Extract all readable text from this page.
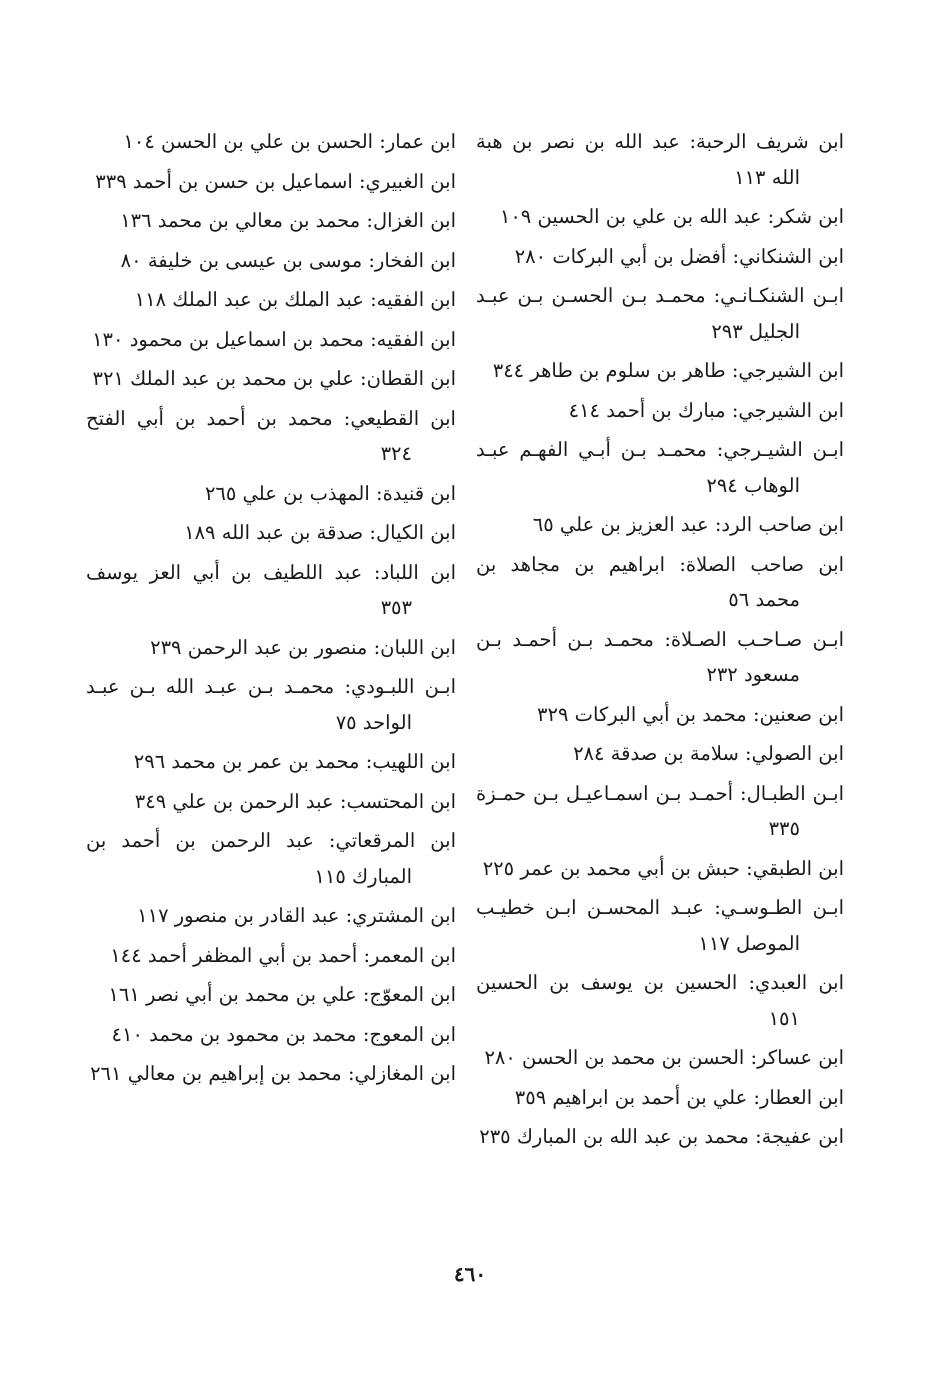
ابن شريف الرحبة: عبد الله بن نصر بن هبة الله ١١٣
ابن شكر: عبد الله بن علي بن الحسين ١٠٩
ابن الشنكاني: أفضل بن أبي البركات ٢٨٠
ابـن الشنكـانـي: محمـد بـن الحسـن بـن عبـد الجليل ٢٩٣
ابن الشيرجي: طاهر بن سلوم بن طاهر ٣٤٤
ابن الشيرجي: مبارك بن أحمد ٤١٤
ابـن الشيـرجي: محمـد بـن أبـي الفهـم عبـد الوهاب ٢٩٤
ابن صاحب الرد: عبد العزيز بن علي ٦٥
ابن صاحب الصلاة: ابراهيم بن مجاهد بن محمد ٥٦
ابـن صـاحـب الصـلاة: محمـد بـن أحمـد بـن مسعود ٢٣٢
ابن صعنين: محمد بن أبي البركات ٣٢٩
ابن الصولي: سلامة بن صدقة ٢٨٤
ابـن الطبـال: أحمـد بـن اسمـاعيـل بـن حمـزة ٣٣٥
ابن الطبقي: حبش بن أبي محمد بن عمر ٢٢٥
ابـن الطـوسـي: عبـد المحسـن ابـن خطيـب الموصل ١١٧
ابن العبدي: الحسين بن يوسف بن الحسين ١٥١
ابن عساكر: الحسن بن محمد بن الحسن ٢٨٠
ابن العطار: علي بن أحمد بن ابراهيم ٣٥٩
ابن عفيجة: محمد بن عبد الله بن المبارك ٢٣٥
ابن عمار: الحسن بن علي بن الحسن ١٠٤
ابن الغبيري: اسماعيل بن حسن بن أحمد ٣٣٩
ابن الغزال: محمد بن معالي بن محمد ١٣٦
ابن الفخار: موسى بن عيسى بن خليفة ٨٠
ابن الفقيه: عبد الملك بن عبد الملك ١١٨
ابن الفقيه: محمد بن اسماعيل بن محمود ١٣٠
ابن القطان: علي بن محمد بن عبد الملك ٣٢١
ابن القطيعي: محمد بن أحمد بن أبي الفتح ٣٢٤
ابن قنيدة: المهذب بن علي ٢٦٥
ابن الكيال: صدقة بن عبد الله ١٨٩
ابن اللباد: عبد اللطيف بن أبي العز يوسف ٣٥٣
ابن اللبان: منصور بن عبد الرحمن ٢٣٩
ابـن اللبـودي: محمـد بـن عبـد الله بـن عبـد الواحد ٧٥
ابن اللهيب: محمد بن عمر بن محمد ٢٩٦
ابن المحتسب: عبد الرحمن بن علي ٣٤٩
ابن المرقعاتي: عبد الرحمن بن أحمد بن المبارك ١١٥
ابن المشتري: عبد القادر بن منصور ١١٧
ابن المعمر: أحمد بن أبي المظفر أحمد ١٤٤
ابن المعوّج: علي بن محمد بن أبي نصر ١٦١
ابن المعوج: محمد بن محمود بن محمد ٤١٠
ابن المغازلي: محمد بن إبراهيم بن معالي ٢٦١
٤٦٠
